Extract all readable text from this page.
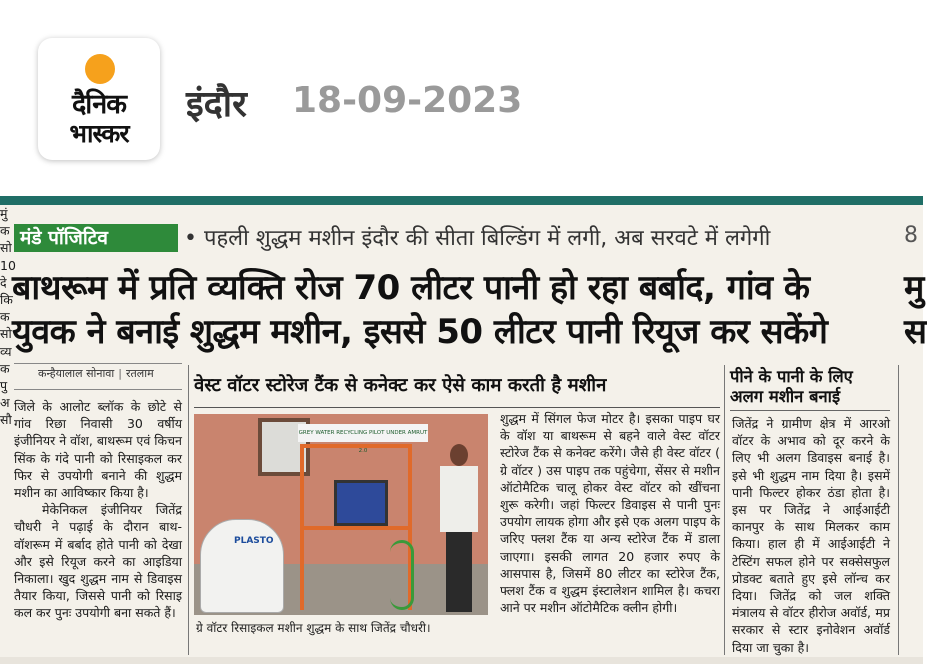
दैनिक
भास्कर
इंदौर 18-09-2023
मंडे पॉजिटिव	• पहली शुद्धम मशीन इंदौर की सीता बिल्डिंग में लगी, अब सरवटे में लगेगी	8
बाथरूम में प्रति व्यक्ति रोज 70 लीटर पानी हो रहा बर्बाद, गांव के
युवक ने बनाई शुद्धम मशीन, इससे 50 लीटर पानी रियूज कर सकेंगे
मु
स
कन्हैयालाल सोनावा | रतलाम

जिले के आलोट ब्लॉक के छोटे से गांव रिछा निवासी 30 वर्षीय इंजीनियर ने वॉश, बाथरूम एवं किचन सिंक के गंदे पानी को रिसाइकल कर फिर से उपयोगी बनाने की शुद्धम मशीन का आविष्कार किया है।

मेकेनिकल इंजीनियर जितेंद्र चौधरी ने पढ़ाई के दौरान बाथ-वॉशरूम में बर्बाद होते पानी को देखा और इसे रियूज करने का आइडिया निकाला। खुद शुद्धम नाम से डिवाइस तैयार किया, जिससे पानी को रिसाइ कल कर पुनः उपयोगी बना सकते हैं।

वेस्ट वॉटर स्टोरेज टैंक से कनेक्ट कर ऐसे काम करती है मशीन
GREY WATER RECYCLING PILOT UNDER AMRUT 2.0
PLASTO
ग्रे वॉटर रिसाइकल मशीन शुद्धम के साथ जितेंद्र चौधरी।
शुद्धम में सिंगल फेज मोटर है। इसका पाइप घर के वॉश या बाथरूम से बहने वाले वेस्ट वॉटर स्टोरेज टैंक से कनेक्ट करेंगे। जैसे ही वेस्ट वॉटर ( ग्रे वॉटर ) उस पाइप तक पहुंचेगा, सेंसर से मशीन ऑटोमैटिक चालू होकर वेस्ट वॉटर को खींचना शुरू करेगी। जहां फिल्टर डिवाइस से पानी पुनः उपयोग लायक होगा और इसे एक अलग पाइप के जरिए फ्लश टैंक या अन्य स्टोरेज टैंक में डाला जाएगा। इसकी लागत 20 हजार रुपए के आसपास है, जिसमें 80 लीटर का स्टोरेज टैंक, फ्लश टैंक व शुद्धम इंस्टालेशन शामिल है। कचरा आने पर मशीन ऑटोमैटिक क्लीन होगी।
पीने के पानी के लिए अलग मशीन बनाई
जितेंद्र ने ग्रामीण क्षेत्र में आरओ वॉटर के अभाव को दूर करने के लिए भी अलग डिवाइस बनाई है। इसे भी शुद्धम नाम दिया है। इसमें पानी फिल्टर होकर ठंडा होता है। इस पर जितेंद्र ने आईआईटी कानपुर के साथ मिलकर काम किया। हाल ही में आईआईटी ने टेस्टिंग सफल होने पर सक्सेसफुल प्रोडक्ट बताते हुए इसे लॉन्च कर दिया। जितेंद्र को जल शक्ति मंत्रालय से वॉटर हीरोज अवॉर्ड, मप्र सरकार से स्टार इनोवेशन अवॉर्ड दिया जा चुका है।
मुं
क
सो
10
दे
कि
क
सो
व्य
क
पु
अ
सौ
